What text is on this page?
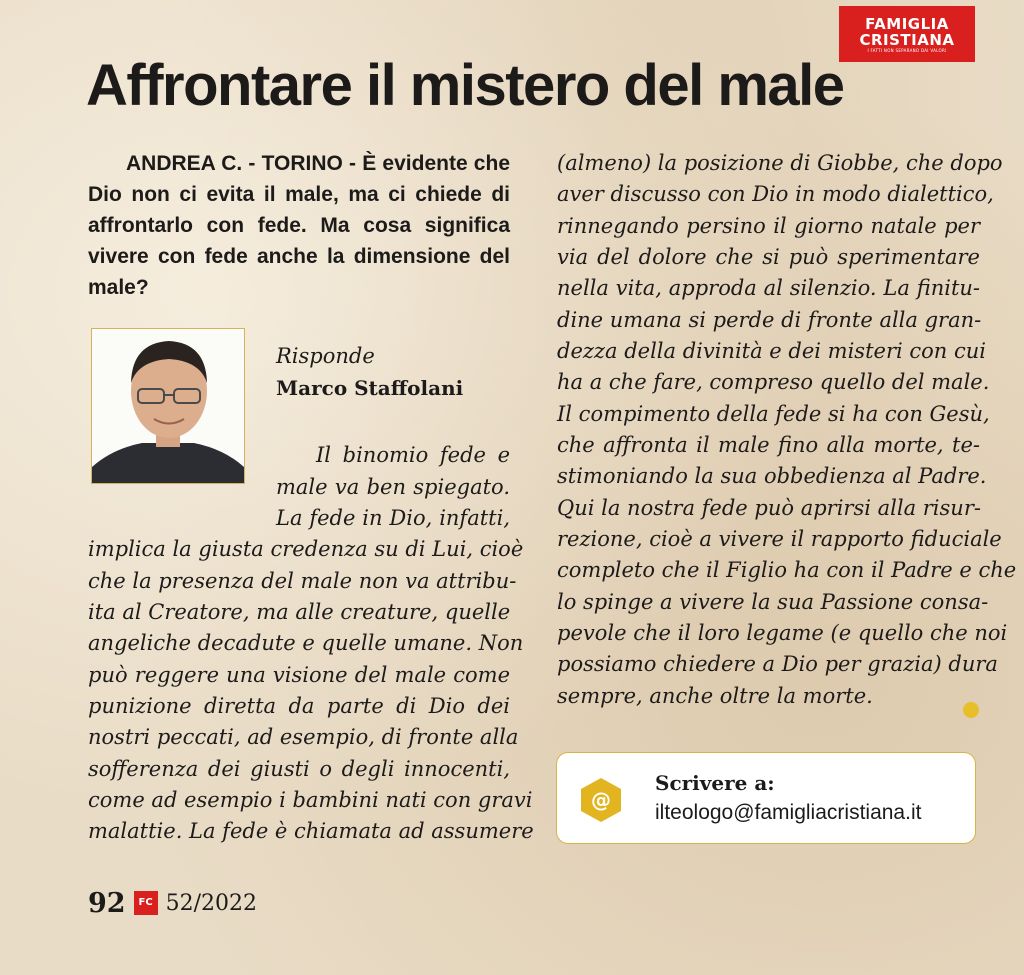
FAMIGLIA
CRISTIANA
I FATTI NON SEPARANO DAI VALORI
Affrontare il mistero del male

ANDREA C. - TORINO - È evidente che Dio non ci evita il male, ma ci chiede di affrontarlo con fede. Ma cosa significa vivere con fede anche la dimensione del male?

Risponde
Marco Staffolani
Il binomio fede e
male va ben spiegato.
La fede in Dio, infatti,
implica la giusta credenza su di Lui, cioè
che la presenza del male non va attribu-
ita al Creatore, ma alle creature, quelle
angeliche decadute e quelle umane. Non
può reggere una visione del male come
punizione diretta da parte di Dio dei
nostri peccati, ad esempio, di fronte alla
sofferenza dei giusti o degli innocenti,
come ad esempio i bambini nati con gravi
malattie. La fede è chiamata ad assumere
(almeno) la posizione di Giobbe, che dopo
aver discusso con Dio in modo dialettico,
rinnegando persino il giorno natale per
via del dolore che si può sperimentare
nella vita, approda al silenzio. La finitu-
dine umana si perde di fronte alla gran-
dezza della divinità e dei misteri con cui
ha a che fare, compreso quello del male.
Il compimento della fede si ha con Gesù,
che affronta il male fino alla morte, te-
stimoniando la sua obbedienza al Padre.
Qui la nostra fede può aprirsi alla risur-
rezione, cioè a vivere il rapporto fiduciale
completo che il Figlio ha con il Padre e che
lo spinge a vivere la sua Passione consa-
pevole che il loro legame (e quello che noi
possiamo chiedere a Dio per grazia) dura
sempre, anche oltre la morte.
@
Scrivere a:
ilteologo@famigliacristiana.it
92	FC 52/2022
